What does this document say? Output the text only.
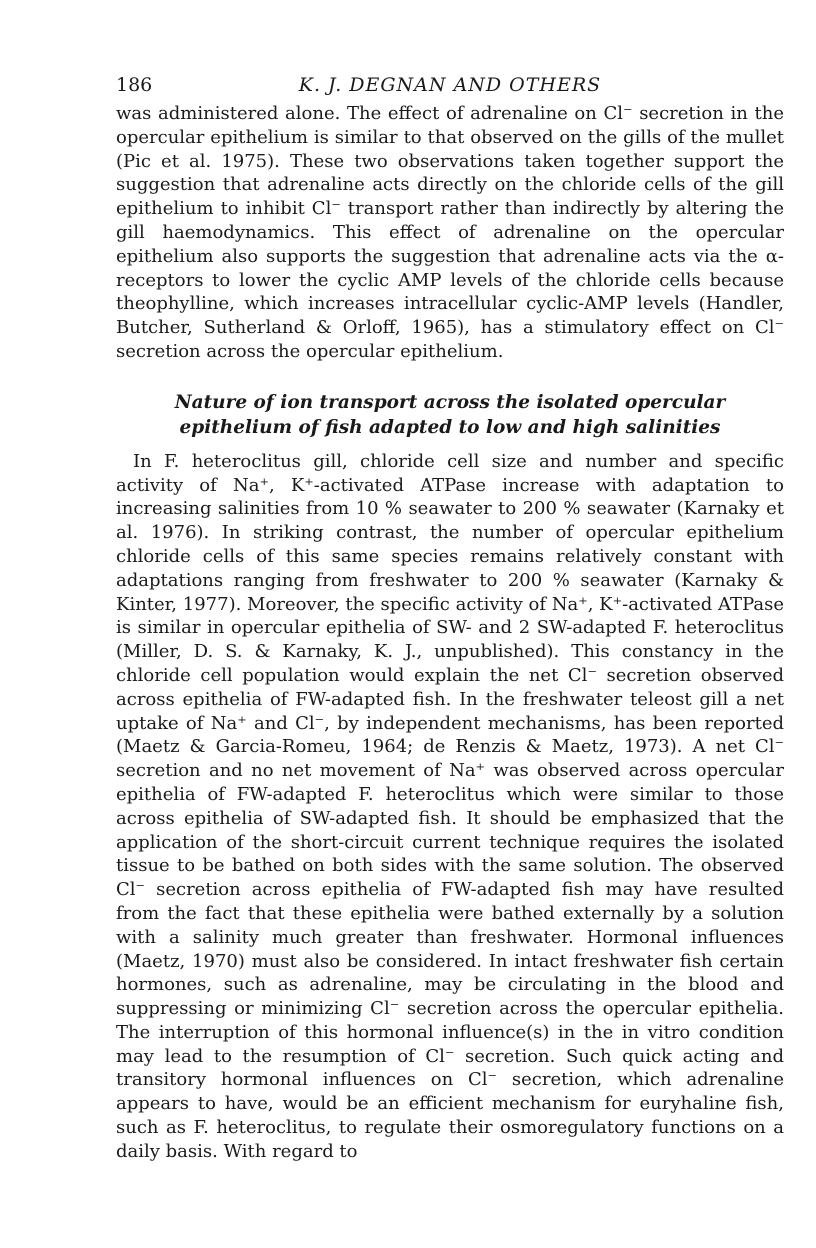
186	K. J. DEGNAN AND OTHERS

was administered alone. The effect of adrenaline on Cl⁻ secretion in the opercular epithelium is similar to that observed on the gills of the mullet (Pic et al. 1975). These two observations taken together support the suggestion that adrenaline acts directly on the chloride cells of the gill epithelium to inhibit Cl⁻ transport rather than indirectly by altering the gill haemodynamics. This effect of adrenaline on the opercular epithelium also supports the suggestion that adrenaline acts via the α-receptors to lower the cyclic AMP levels of the chloride cells because theophylline, which increases intracellular cyclic-AMP levels (Handler, Butcher, Sutherland & Orloff, 1965), has a stimulatory effect on Cl⁻ secretion across the opercular epithelium.

Nature of ion transport across the isolated opercular
epithelium of fish adapted to low and high salinities

In F. heteroclitus gill, chloride cell size and number and specific activity of Na⁺, K⁺-activated ATPase increase with adaptation to increasing salinities from 10 % seawater to 200 % seawater (Karnaky et al. 1976). In striking contrast, the number of opercular epithelium chloride cells of this same species remains relatively constant with adaptations ranging from freshwater to 200 % seawater (Karnaky & Kinter, 1977). Moreover, the specific activity of Na⁺, K⁺-activated ATPase is similar in opercular epithelia of SW- and 2 SW-adapted F. heteroclitus (Miller, D. S. & Karnaky, K. J., unpublished). This constancy in the chloride cell population would explain the net Cl⁻ secretion observed across epithelia of FW-adapted fish. In the freshwater teleost gill a net uptake of Na⁺ and Cl⁻, by independent mechanisms, has been reported (Maetz & Garcia-Romeu, 1964; de Renzis & Maetz, 1973). A net Cl⁻ secretion and no net movement of Na⁺ was observed across opercular epithelia of FW-adapted F. heteroclitus which were similar to those across epithelia of SW-adapted fish. It should be emphasized that the application of the short-circuit current technique requires the isolated tissue to be bathed on both sides with the same solution. The observed Cl⁻ secretion across epithelia of FW-adapted fish may have resulted from the fact that these epithelia were bathed externally by a solution with a salinity much greater than freshwater. Hormonal influences (Maetz, 1970) must also be considered. In intact freshwater fish certain hormones, such as adrenaline, may be circulating in the blood and suppressing or minimizing Cl⁻ secretion across the opercular epithelia. The interruption of this hormonal influence(s) in the in vitro condition may lead to the resumption of Cl⁻ secretion. Such quick acting and transitory hormonal influences on Cl⁻ secretion, which adrenaline appears to have, would be an efficient mechanism for euryhaline fish, such as F. heteroclitus, to regulate their osmoregulatory functions on a daily basis. With regard to
